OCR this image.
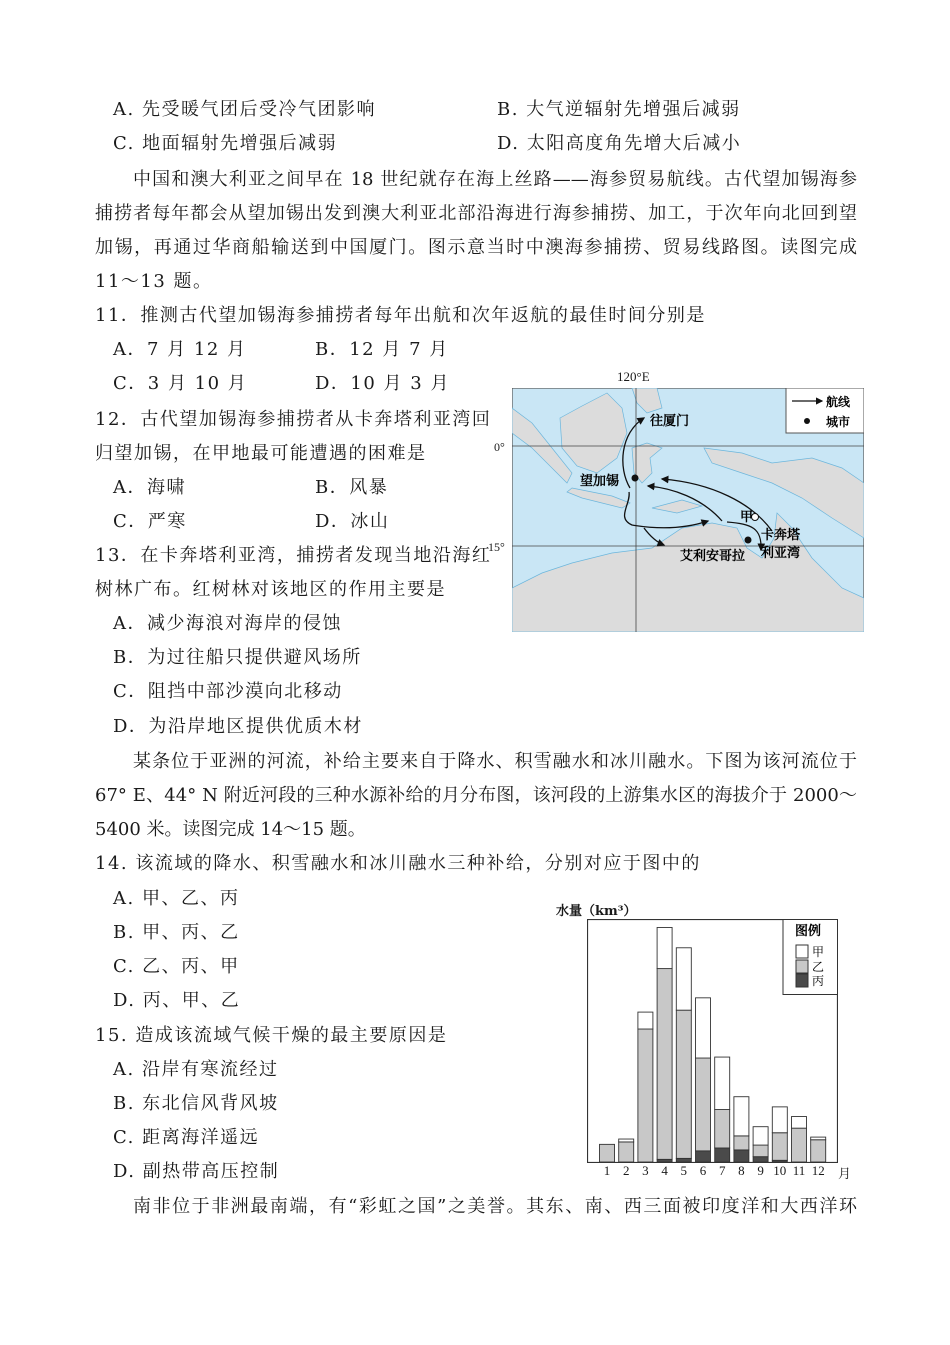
A. 先受暖气团后受冷气团影响	B. 大气逆辐射先增强后减弱
C. 地面辐射先增强后减弱	D. 太阳高度角先增大后减小
中国和澳大利亚之间早在 18 世纪就存在海上丝路——海参贸易航线。古代望加锡海参
捕捞者每年都会从望加锡出发到澳大利亚北部沿海进行海参捕捞、加工，于次年向北回到望
加锡，再通过华商船输送到中国厦门。图示意当时中澳海参捕捞、贸易线路图。读图完成
11～13 题。
11．推测古代望加锡海参捕捞者每年出航和次年返航的最佳时间分别是
A．7 月 12 月	B．12 月 7 月
C．3 月 10 月	D．10 月 3 月
12．古代望加锡海参捕捞者从卡奔塔利亚湾回
归望加锡，在甲地最可能遭遇的困难是
A．海啸	B．风暴
C．严寒	D．冰山
13．在卡奔塔利亚湾，捕捞者发现当地沿海红
树林广布。红树林对该地区的作用主要是
A．减少海浪对海岸的侵蚀
B．为过往船只提供避风场所
C．阻挡中部沙漠向北移动
D．为沿岸地区提供优质木材
120°E
0°
15°
往厦门
望加锡
甲
卡奔塔
利亚湾
艾利安哥拉
航线
城市
某条位于亚洲的河流，补给主要来自于降水、积雪融水和冰川融水。下图为该河流位于
67° E、44° N 附近河段的三种水源补给的月分布图，该河段的上游集水区的海拔介于 2000～
5400 米。读图完成 14～15 题。
14. 该流域的降水、积雪融水和冰川融水三种补给，分别对应于图中的
A. 甲、乙、丙
B. 甲、丙、乙
C. 乙、丙、甲
D. 丙、甲、乙
15. 造成该流域气候干燥的最主要原因是
A. 沿岸有寒流经过
B. 东北信风背风坡
C. 距离海洋遥远
D. 副热带高压控制
水量（km³）
图例
甲
乙
丙
1 2 3 4 5 6 7 8 9 10 11 12 月
南非位于非洲最南端，有“彩虹之国”之美誉。其东、南、西三面被印度洋和大西洋环
